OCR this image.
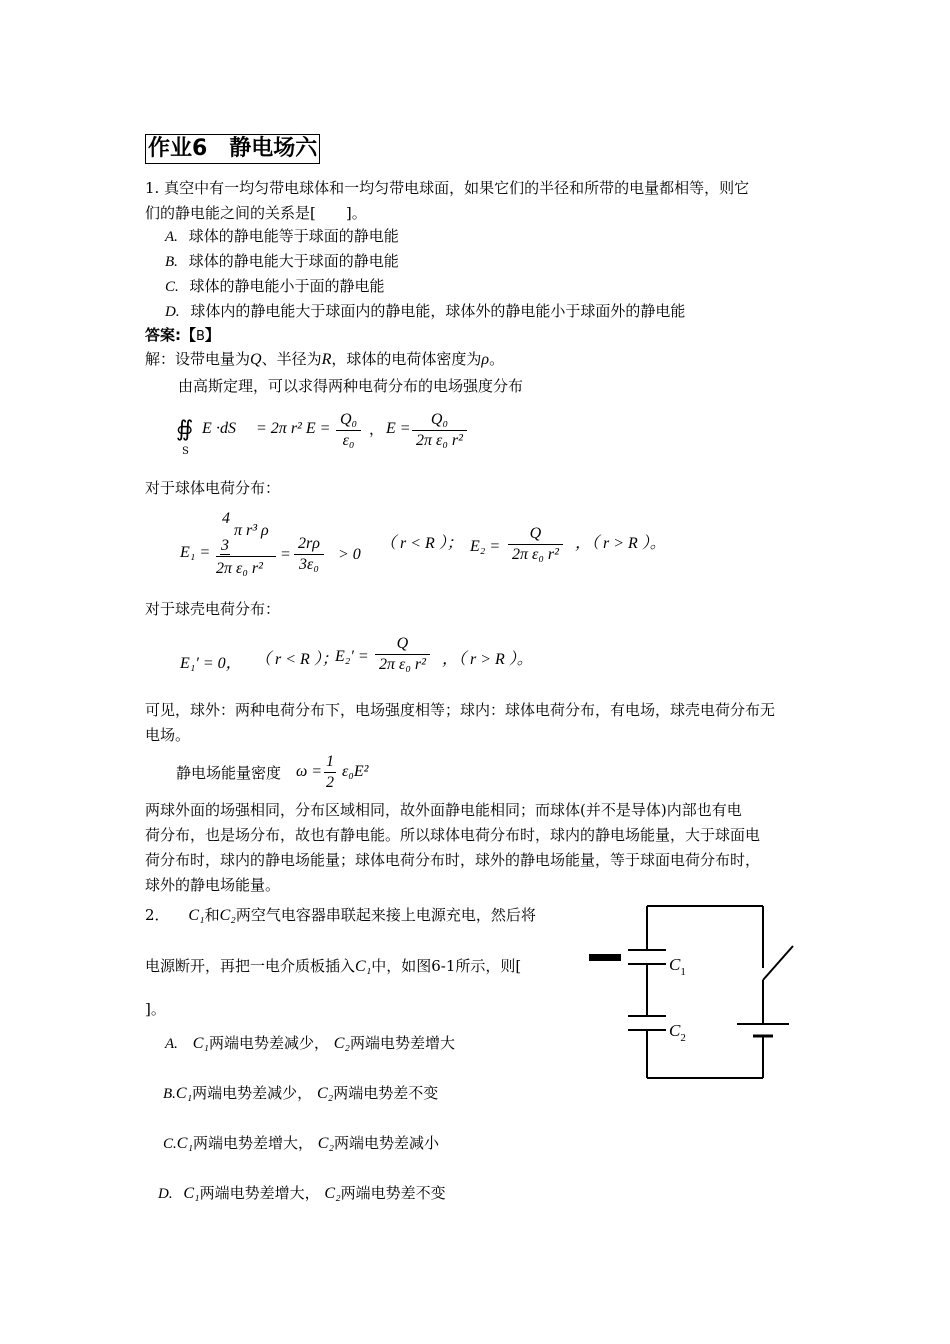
作业6　静电场六
1. 真空中有一均匀带电球体和一均匀带电球面，如果它们的半径和所带的电量都相等，则它
们的静电能之间的关系是[　　]。
A. 球体的静电能等于球面的静电能
B. 球体的静电能大于球面的静电能
C. 球体的静电能小于面的静电能
D. 球体内的静电能大于球面内的静电能，球体外的静电能小于球面外的静电能
答案:【B】
解：设带电量为Q、半径为R，球体的电荷体密度为ρ。
由高斯定理，可以求得两种电荷分布的电场强度分布
∯ E ·dS
S
= 2π r² $E = \frac{\text{Q₀}}{\text{ε₀}}$ ， $E = \frac{\text{Q₀}}{\text{2π ε₀ r²}}$
对于球体电荷分布：
E₁ =
4
π r³ ρ
3
2π ε₀ r²
= $\frac{2r\rho}{\text{3ε₀}} > 0$
（ r < R ）； $E_2 = \frac{Q}{\text{2π ε₀ r²}}$ ，（ r > R ）。
对于球壳电荷分布：
E₁′ = 0， （ r < R ）；
$E_2' = \frac{Q}{\text{2π ε₀ r²}}$ ，（ r > R ）。
可见，球外：两种电荷分布下，电场强度相等；球内：球体电荷分布，有电场，球壳电荷分布无
电场。
静电场能量密度 $\omega = \frac{1}{2} \varepsilon_0E^2$
两球外面的场强相同，分布区域相同，故外面静电能相同；而球体(并不是导体)内部也有电
荷分布，也是场分布，故也有静电能。所以球体电荷分布时，球内的静电场能量，大于球面电
荷分布时，球内的静电场能量；球体电荷分布时，球外的静电场能量，等于球面电荷分布时，
球外的静电场能量。
2． C₁和C₂两空气电容器串联起来接上电源充电，然后将
电源断开，再把一电介质板插入C₁中，如图6-1所示，则[
]。
A. C₁两端电势差减少， C₂两端电势差增大
B.C₁两端电势差减少， C₂两端电势差不变
C.C₁两端电势差增大， C₂两端电势差减小
D. C₁两端电势差增大， C₂两端电势差不变
$C_1$
$C_2$
